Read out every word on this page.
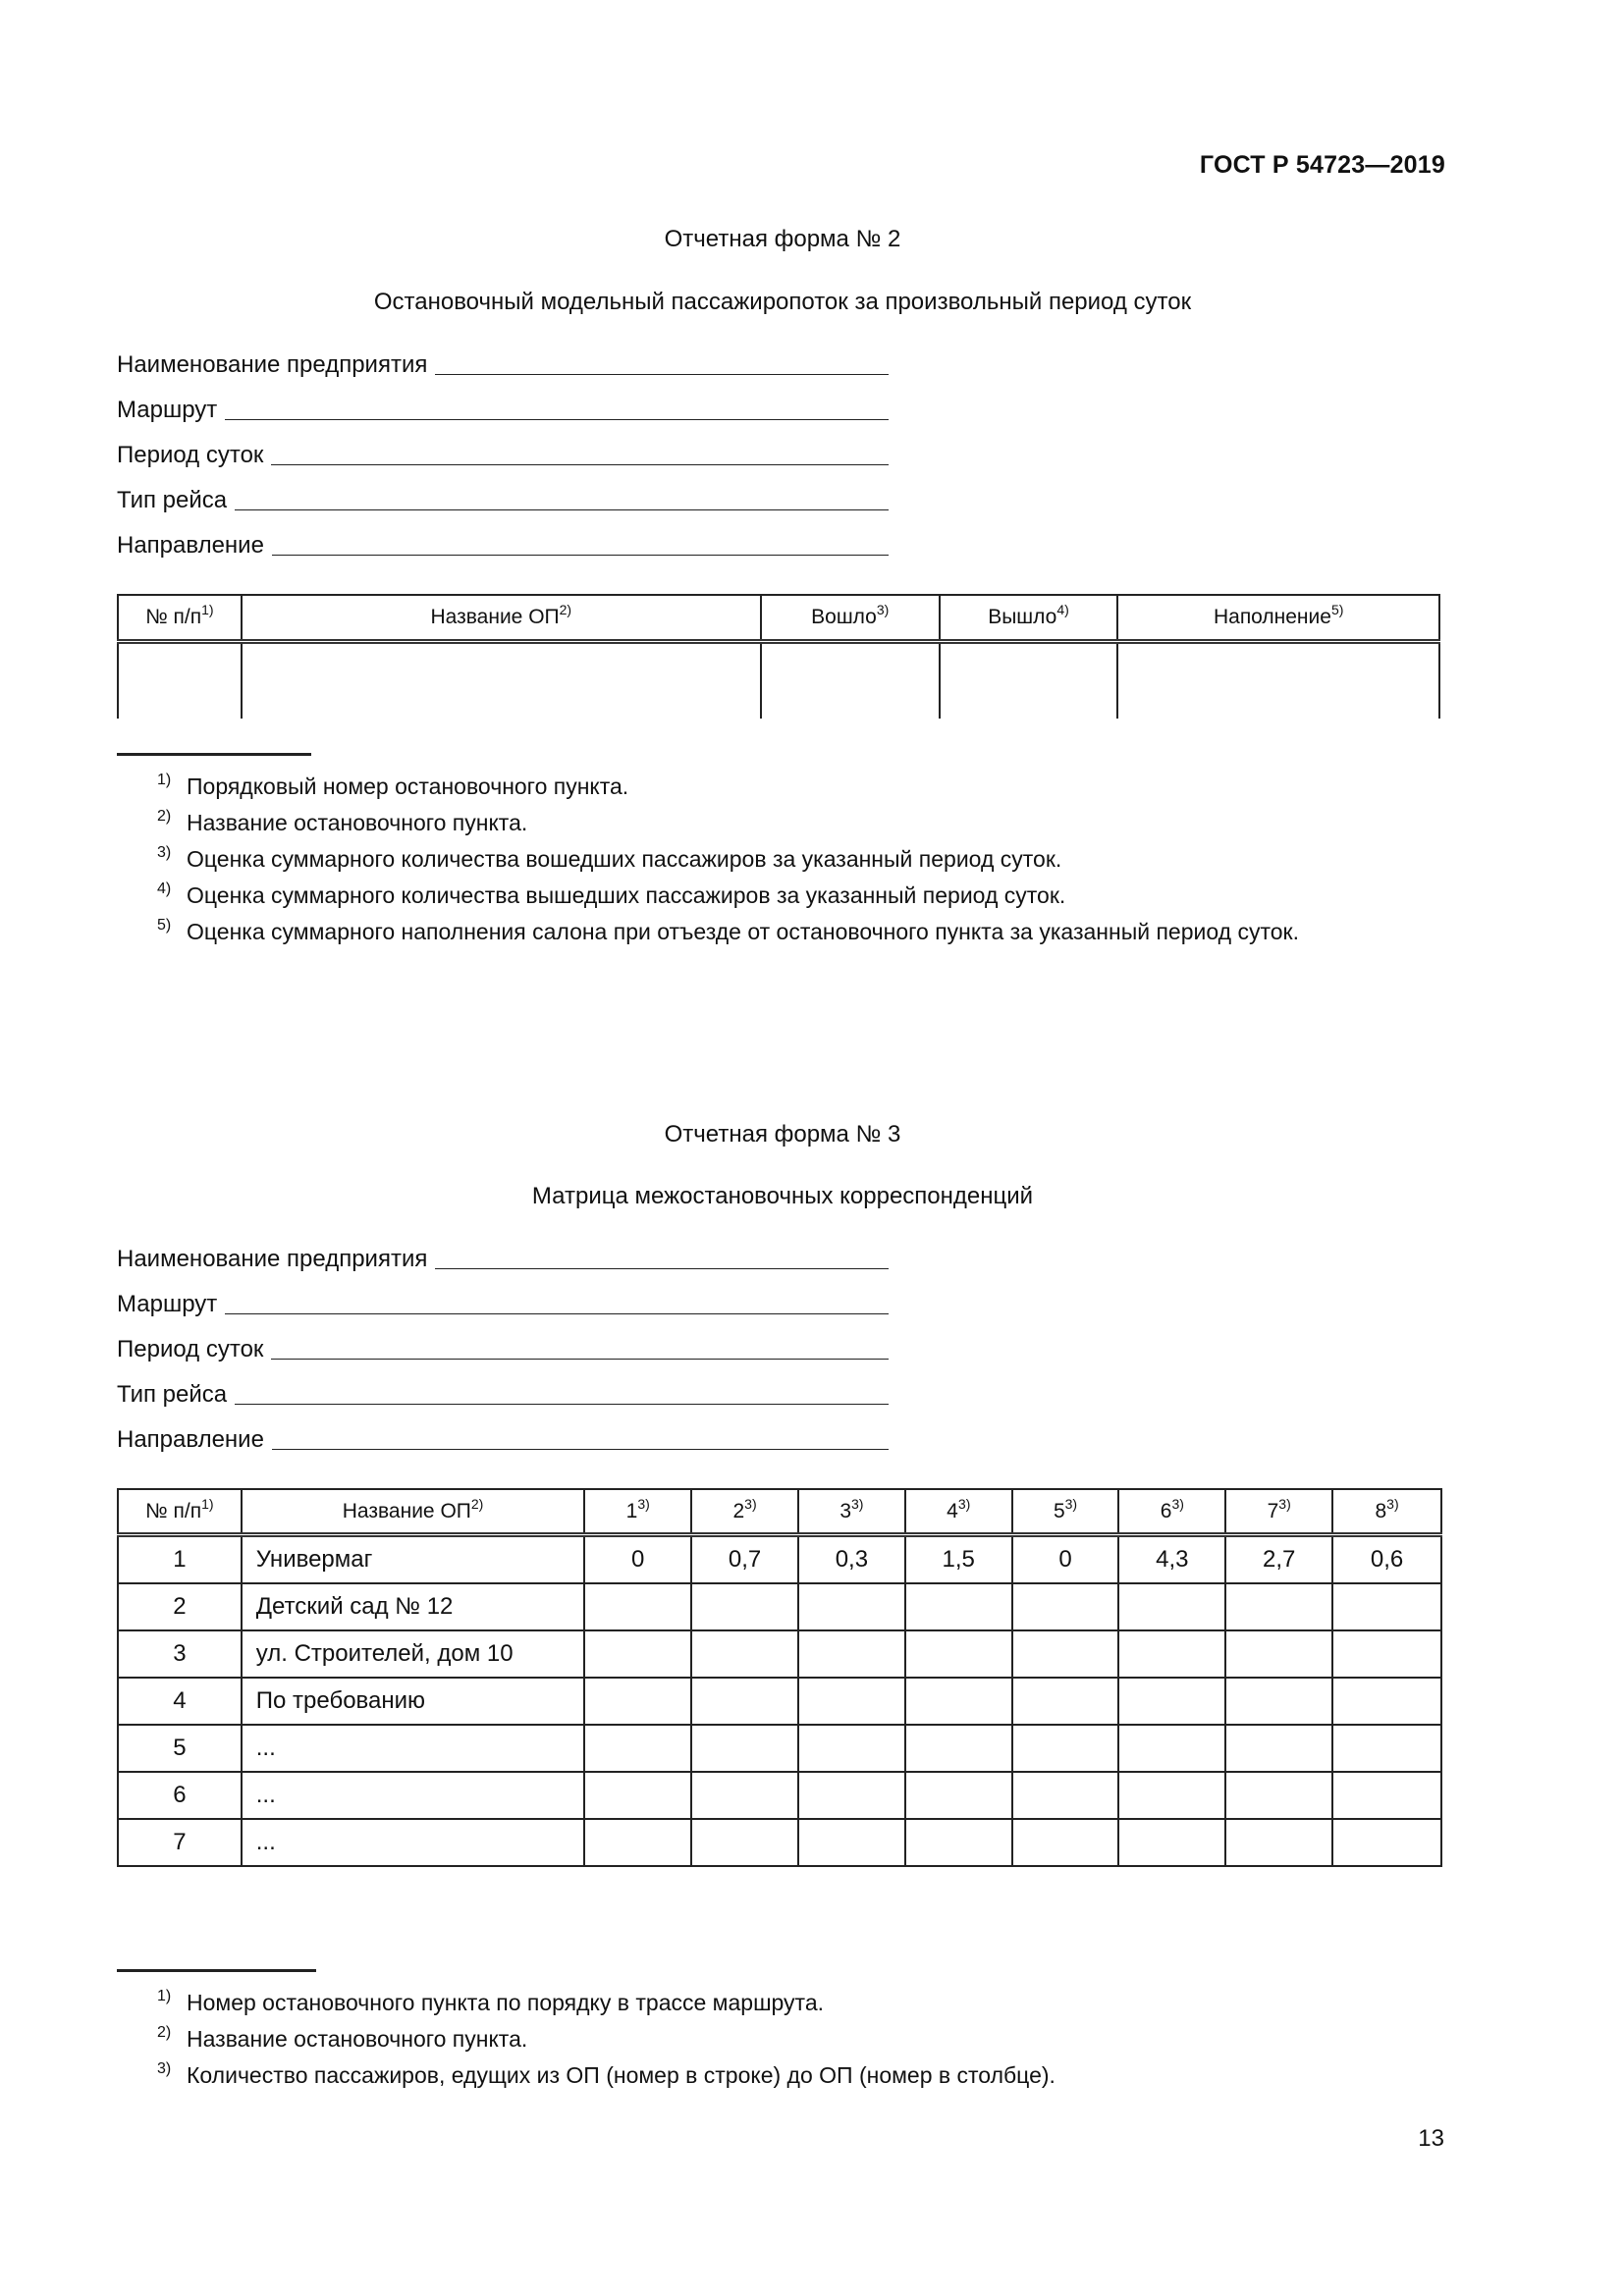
ГОСТ Р 54723—2019
Отчетная форма № 2
Остановочный модельный пассажиропоток за произвольный период суток
Наименование предприятия
Маршрут
Период суток
Тип рейса
Направление
№ $п/п^{1)}$	Название ОП$^{2)}$	Вошло$^{3)}$	Вышло$^{4)}$	Наполнение$^{5)}$

1) Порядковый номер остановочного пункта.
2) Название остановочного пункта.
3) Оценка суммарного количества вошедших пассажиров за указанный период суток.
4) Оценка суммарного количества вышедших пассажиров за указанный период суток.
5) Оценка суммарного наполнения салона при отъезде от остановочного пункта за указанный период суток.
Отчетная форма № 3
Матрица межостановочных корреспонденций
Наименование предприятия
Маршрут
Период суток
Тип рейса
Направление
№ $п/п^{1)}$	Название ОП$^{2)}$	1$^{3)}$	2$^{3)}$	3$^{3)}$	4$^{3)}$	5$^{3)}$	6$^{3)}$	7$^{3)}$	8$^{3)}$
1	Универмаг	0	0,7	0,3	1,5	0	4,3	2,7	0,6
2	Детский сад № 12								
3	ул. Строителей, дом 10								
4	По требованию								
5	...								
6	...								
7	...								
1) Номер остановочного пункта по порядку в трассе маршрута.
2) Название остановочного пункта.
3) Количество пассажиров, едущих из ОП (номер в строке) до ОП (номер в столбце).
13
